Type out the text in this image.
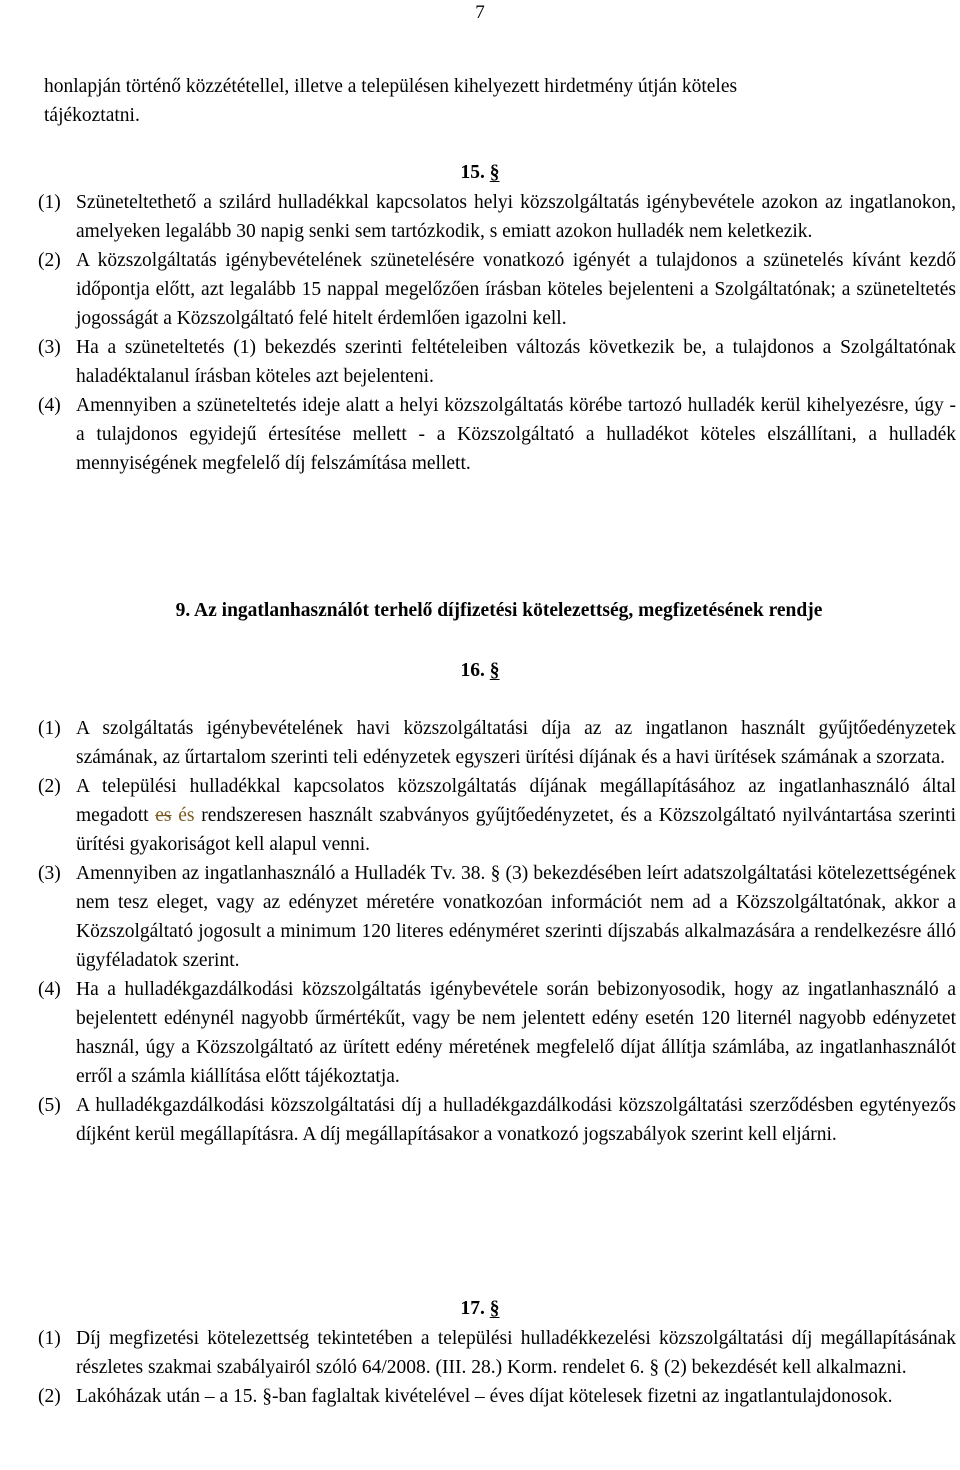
7
honlapján történő közzététellel, illetve a településen kihelyezett hirdetmény útján köteles
tájékoztatni.
15. §

(1) Szüneteltethető a szilárd hulladékkal kapcsolatos helyi közszolgáltatás igénybevétele azokon az ingatlanokon, amelyeken legalább 30 napig senki sem tartózkodik, s emiatt azokon hulladék nem keletkezik.

(2) A közszolgáltatás igénybevételének szünetelésére vonatkozó igényét a tulajdonos a szünetelés kívánt kezdő időpontja előtt, azt legalább 15 nappal megelőzően írásban köteles bejelenteni a Szolgáltatónak; a szüneteltetés jogosságát a Közszolgáltató felé hitelt érdemlően igazolni kell.

(3) Ha a szüneteltetés (1) bekezdés szerinti feltételeiben változás következik be, a tulajdonos a Szolgáltatónak haladéktalanul írásban köteles azt bejelenteni.

(4) Amennyiben a szüneteltetés ideje alatt a helyi közszolgáltatás körébe tartozó hulladék kerül kihelyezésre, úgy - a tulajdonos egyidejű értesítése mellett - a Közszolgáltató a hulladékot köteles elszállítani, a hulladék mennyiségének megfelelő díj felszámítása mellett.

9. Az ingatlanhasználót terhelő díjfizetési kötelezettség, megfizetésének rendje
16. §

(1) A szolgáltatás igénybevételének havi közszolgáltatási díja az az ingatlanon használt gyűjtőedényzetek számának, az űrtartalom szerinti teli edényzetek egyszeri ürítési díjának és a havi ürítések számának a szorzata.

(2) A települési hulladékkal kapcsolatos közszolgáltatás díjának megállapításához az ingatlanhasználó által megadott es és rendszeresen használt szabványos gyűjtőedényzetet, és a Közszolgáltató nyilvántartása szerinti ürítési gyakoriságot kell alapul venni.

(3) Amennyiben az ingatlanhasználó a Hulladék Tv. 38. § (3) bekezdésében leírt adatszolgáltatási kötelezettségének nem tesz eleget, vagy az edényzet méretére vonatkozóan információt nem ad a Közszolgáltatónak, akkor a Közszolgáltató jogosult a minimum 120 literes edényméret szerinti díjszabás alkalmazására a rendelkezésre álló ügyféladatok szerint.

(4) Ha a hulladékgazdálkodási közszolgáltatás igénybevétele során bebizonyosodik, hogy az ingatlanhasználó a bejelentett edénynél nagyobb űrmértékűt, vagy be nem jelentett edény esetén 120 liternél nagyobb edényzetet használ, úgy a Közszolgáltató az ürített edény méretének megfelelő díjat állítja számlába, az ingatlanhasználót erről a számla kiállítása előtt tájékoztatja.

(5) A hulladékgazdálkodási közszolgáltatási díj a hulladékgazdálkodási közszolgáltatási szerződésben egytényezős díjként kerül megállapításra. A díj megállapításakor a vonatkozó jogszabályok szerint kell eljárni.

17. §

(1) Díj megfizetési kötelezettség tekintetében a települési hulladékkezelési közszolgáltatási díj megállapításának részletes szakmai szabályairól szóló 64/2008. (III. 28.) Korm. rendelet 6. § (2) bekezdését kell alkalmazni.

(2) Lakóházak után – a 15. §-ban faglaltak kivételével – éves díjat kötelesek fizetni az ingatlantulajdonosok.
